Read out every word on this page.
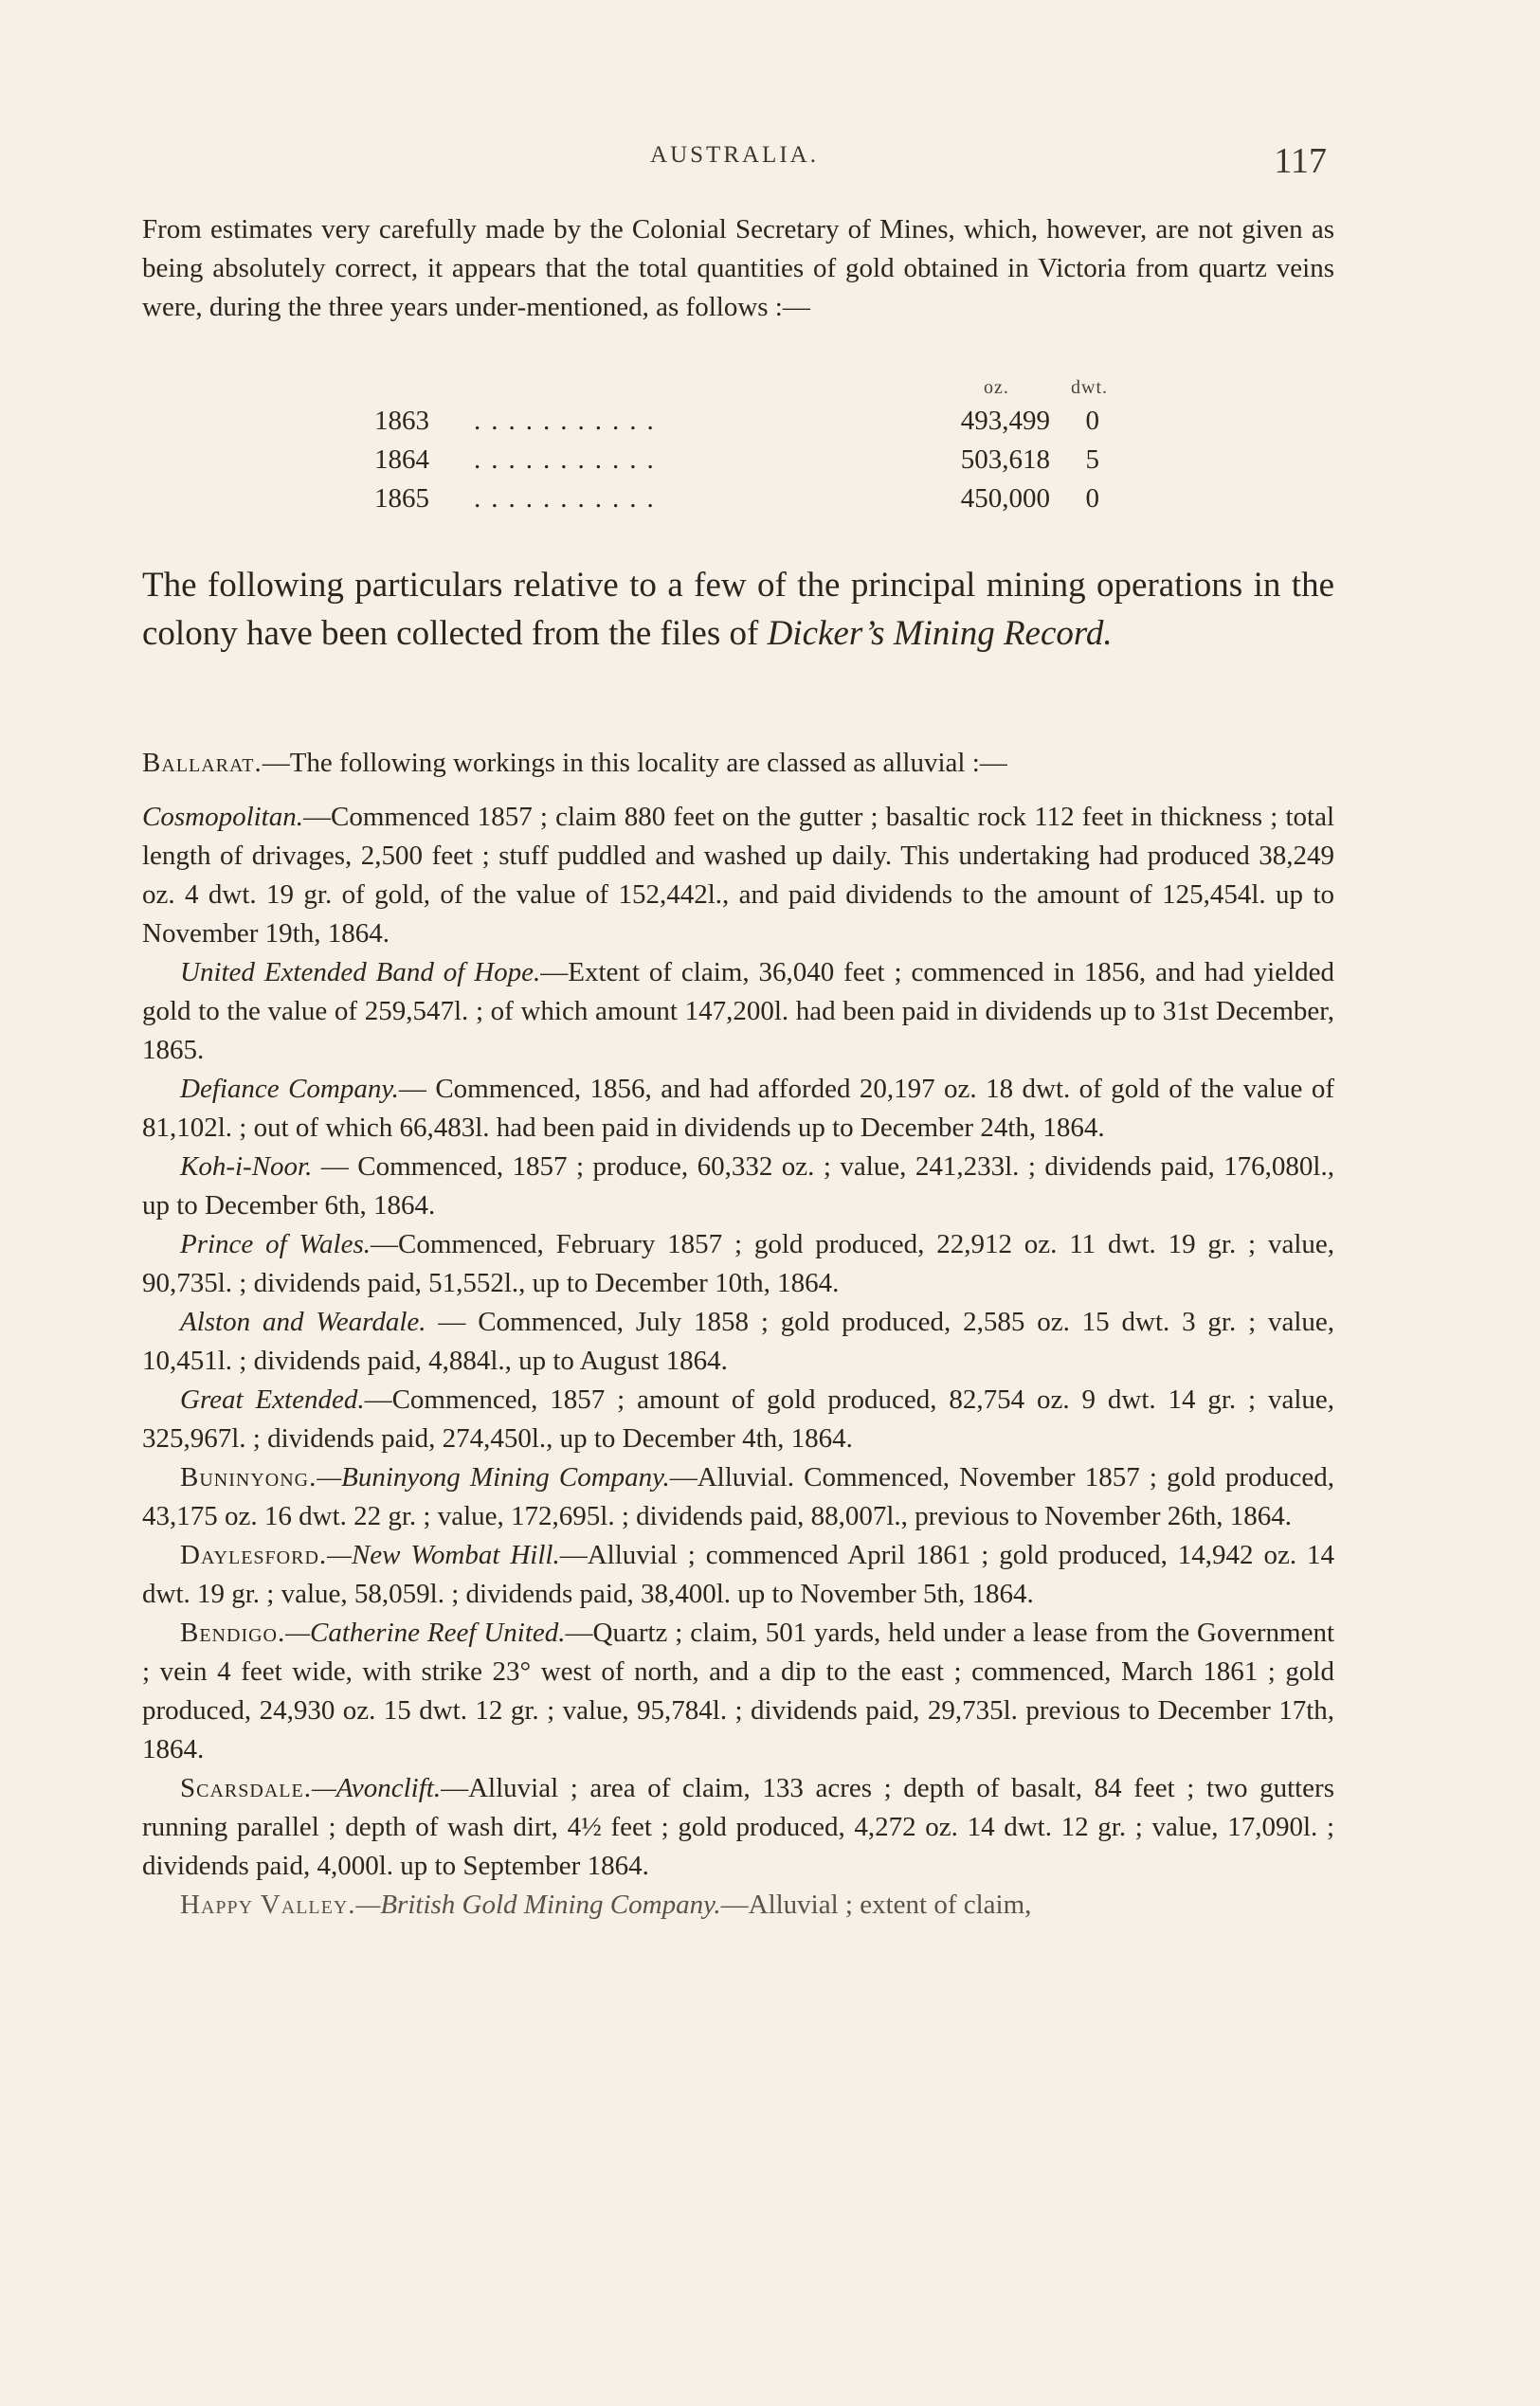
AUSTRALIA.	117
From estimates very carefully made by the Colonial Secretary of Mines, which, however, are not given as being absolutely correct, it appears that the total quantities of gold obtained in Victoria from quartz veins were, during the three years under-mentioned, as follows :—
oz.	dwt.
1863 ...........	493,499 0
1864 ...........	503,618 5
1865 ...........	450,000 0
The following particulars relative to a few of the principal mining operations in the colony have been collected from the files of Dicker’s Mining Record.

Ballarat.—The following workings in this locality are classed as alluvial :—

Cosmopolitan.—Commenced 1857 ; claim 880 feet on the gutter ; basaltic rock 112 feet in thickness ; total length of drivages, 2,500 feet ; stuff puddled and washed up daily. This undertaking had produced 38,249 oz. 4 dwt. 19 gr. of gold, of the value of 152,442l., and paid dividends to the amount of 125,454l. up to November 19th, 1864.

United Extended Band of Hope.—Extent of claim, 36,040 feet ; commenced in 1856, and had yielded gold to the value of 259,547l. ; of which amount 147,200l. had been paid in dividends up to 31st December, 1865.

Defiance Company.— Commenced, 1856, and had afforded 20,197 oz. 18 dwt. of gold of the value of 81,102l. ; out of which 66,483l. had been paid in dividends up to December 24th, 1864.

Koh-i-Noor. — Commenced, 1857 ; produce, 60,332 oz. ; value, 241,233l. ; dividends paid, 176,080l., up to December 6th, 1864.

Prince of Wales.—Commenced, February 1857 ; gold produced, 22,912 oz. 11 dwt. 19 gr. ; value, 90,735l. ; dividends paid, 51,552l., up to December 10th, 1864.

Alston and Weardale. — Commenced, July 1858 ; gold produced, 2,585 oz. 15 dwt. 3 gr. ; value, 10,451l. ; dividends paid, 4,884l., up to August 1864.

Great Extended.—Commenced, 1857 ; amount of gold produced, 82,754 oz. 9 dwt. 14 gr. ; value, 325,967l. ; dividends paid, 274,450l., up to December 4th, 1864.

Buninyong.—Buninyong Mining Company.—Alluvial. Commenced, November 1857 ; gold produced, 43,175 oz. 16 dwt. 22 gr. ; value, 172,695l. ; dividends paid, 88,007l., previous to November 26th, 1864.

Daylesford.—New Wombat Hill.—Alluvial ; commenced April 1861 ; gold produced, 14,942 oz. 14 dwt. 19 gr. ; value, 58,059l. ; dividends paid, 38,400l. up to November 5th, 1864.

Bendigo.—Catherine Reef United.—Quartz ; claim, 501 yards, held under a lease from the Government ; vein 4 feet wide, with strike 23° west of north, and a dip to the east ; commenced, March 1861 ; gold produced, 24,930 oz. 15 dwt. 12 gr. ; value, 95,784l. ; dividends paid, 29,735l. previous to December 17th, 1864.

Scarsdale.—Avonclift.—Alluvial ; area of claim, 133 acres ; depth of basalt, 84 feet ; two gutters running parallel ; depth of wash dirt, 4½ feet ; gold produced, 4,272 oz. 14 dwt. 12 gr. ; value, 17,090l. ; dividends paid, 4,000l. up to September 1864.

Happy Valley.—British Gold Mining Company.—Alluvial ; extent of claim,
